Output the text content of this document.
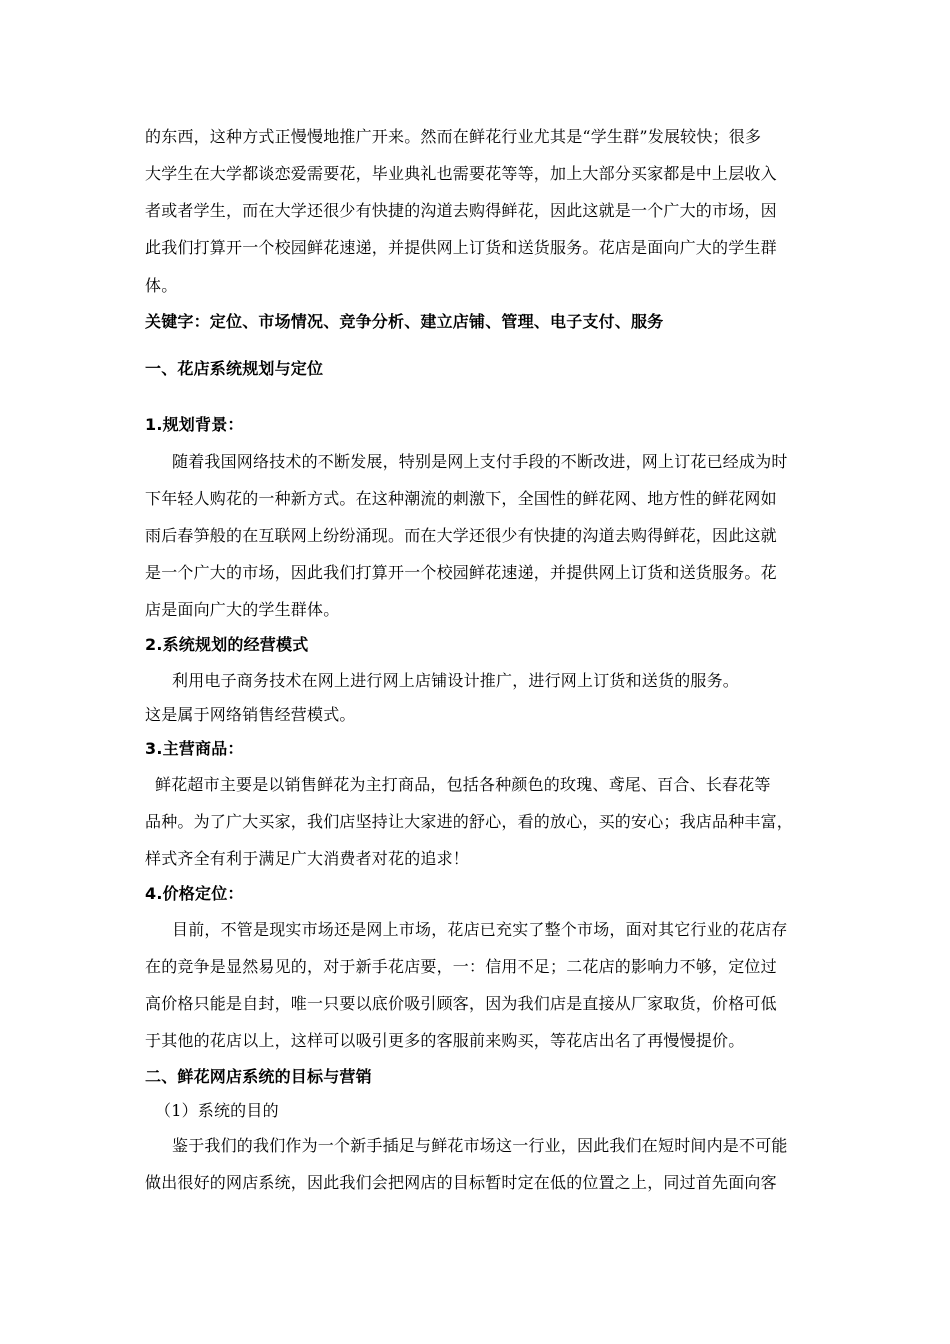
的东西，这种方式正慢慢地推广开来。然而在鲜花行业尤其是“学生群”发展较快；很多
大学生在大学都谈恋爱需要花，毕业典礼也需要花等等，加上大部分买家都是中上层收入
者或者学生，而在大学还很少有快捷的沟道去购得鲜花，因此这就是一个广大的市场，因
此我们打算开一个校园鲜花速递，并提供网上订货和送货服务。花店是面向广大的学生群
体。
关键字：定位、市场情况、竞争分析、建立店铺、管理、电子支付、服务
一、花店系统规划与定位
1.规划背景：
随着我国网络技术的不断发展，特别是网上支付手段的不断改进，网上订花已经成为时
下年轻人购花的一种新方式。在这种潮流的刺激下，全国性的鲜花网、地方性的鲜花网如
雨后春笋般的在互联网上纷纷涌现。而在大学还很少有快捷的沟道去购得鲜花，因此这就
是一个广大的市场，因此我们打算开一个校园鲜花速递，并提供网上订货和送货服务。花
店是面向广大的学生群体。
2.系统规划的经营模式
利用电子商务技术在网上进行网上店铺设计推广，进行网上订货和送货的服务。
这是属于网络销售经营模式。
3.主营商品：
鲜花超市主要是以销售鲜花为主打商品，包括各种颜色的玫瑰、鸢尾、百合、长春花等
品种。为了广大买家，我们店坚持让大家进的舒心，看的放心，买的安心；我店品种丰富，
样式齐全有利于满足广大消费者对花的追求！
4.价格定位：
目前，不管是现实市场还是网上市场，花店已充实了整个市场，面对其它行业的花店存
在的竞争是显然易见的，对于新手花店要，一：信用不足；二花店的影响力不够，定位过
高价格只能是自封，唯一只要以底价吸引顾客，因为我们店是直接从厂家取货，价格可低
于其他的花店以上，这样可以吸引更多的客服前来购买，等花店出名了再慢慢提价。
二、鲜花网店系统的目标与营销
（1）系统的目的
鉴于我们的我们作为一个新手插足与鲜花市场这一行业，因此我们在短时间内是不可能
做出很好的网店系统，因此我们会把网店的目标暂时定在低的位置之上，同过首先面向客
